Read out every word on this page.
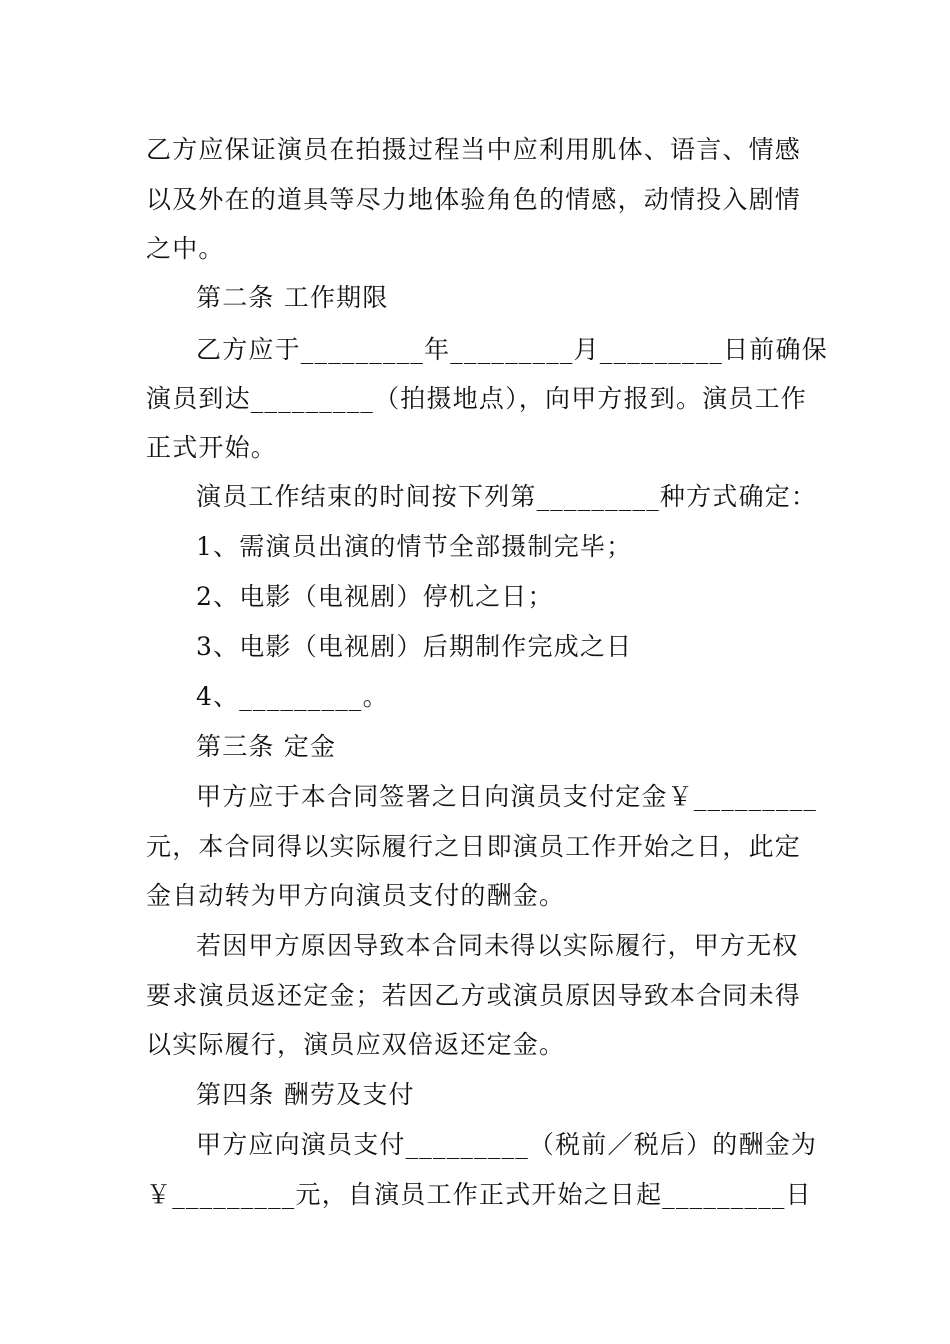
乙方应保证演员在拍摄过程当中应利用肌体、语言、情感
以及外在的道具等尽力地体验角色的情感，动情投入剧情
之中。
第二条 工作期限
乙方应于_________年_________月_________日前确保
演员到达_________（拍摄地点），向甲方报到。演员工作
正式开始。
演员工作结束的时间按下列第_________种方式确定：
1、需演员出演的情节全部摄制完毕；
2、电影（电视剧）停机之日；
3、电影（电视剧）后期制作完成之日
4、_________。
第三条 定金
甲方应于本合同签署之日向演员支付定金￥_________
元，本合同得以实际履行之日即演员工作开始之日，此定
金自动转为甲方向演员支付的酬金。
若因甲方原因导致本合同未得以实际履行，甲方无权
要求演员返还定金；若因乙方或演员原因导致本合同未得
以实际履行，演员应双倍返还定金。
第四条 酬劳及支付
甲方应向演员支付_________（税前／税后）的酬金为
￥_________元，自演员工作正式开始之日起_________日
